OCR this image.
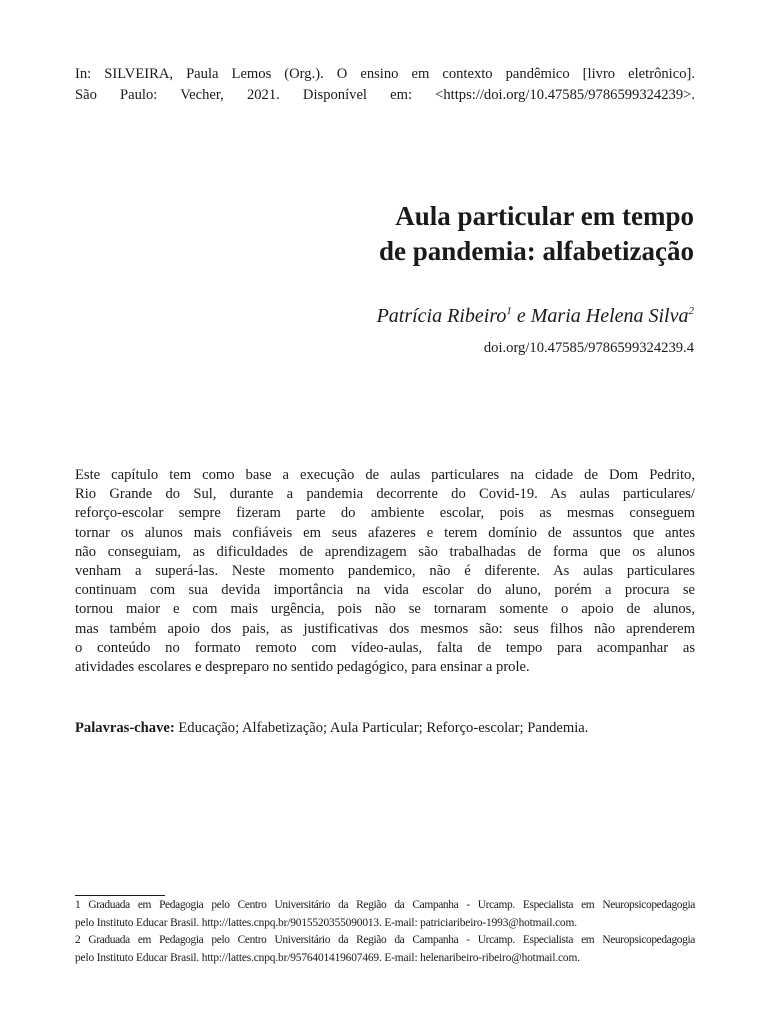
In: SILVEIRA, Paula Lemos (Org.). O ensino em contexto pandêmico [livro eletrônico].
São Paulo: Vecher, 2021. Disponível em: <https://doi.org/10.47585/9786599324239>.
Aula particular em tempo
de pandemia: alfabetização
Patrícia Ribeiro$^1$ e Maria Helena Silva$^2$
doi.org/10.47585/9786599324239.4
Este capítulo tem como base a execução de aulas particulares na cidade de Dom Pedrito,
Rio Grande do Sul, durante a pandemia decorrente do Covid-19. As aulas particulares/
reforço-escolar sempre fizeram parte do ambiente escolar, pois as mesmas conseguem
tornar os alunos mais confiáveis em seus afazeres e terem domínio de assuntos que antes
não conseguiam, as dificuldades de aprendizagem são trabalhadas de forma que os alunos
venham a superá-las. Neste momento pandemico, não é diferente. As aulas particulares
continuam com sua devida importância na vida escolar do aluno, porém a procura se
tornou maior e com mais urgência, pois não se tornaram somente o apoio de alunos,
mas também apoio dos pais, as justificativas dos mesmos são: seus filhos não aprenderem
o conteúdo no formato remoto com vídeo-aulas, falta de tempo para acompanhar as
atividades escolares e despreparo no sentido pedagógico, para ensinar a prole.
Palavras-chave: Educação; Alfabetização; Aula Particular; Reforço-escolar; Pandemia.
1 Graduada em Pedagogia pelo Centro Universitário da Região da Campanha - Urcamp. Especialista em Neuropsicopedagogia
pelo Instituto Educar Brasil. http://lattes.cnpq.br/9015520355090013. E-mail: patriciaribeiro-1993@hotmail.com.
2 Graduada em Pedagogia pelo Centro Universitário da Região da Campanha - Urcamp. Especialista em Neuropsicopedagogia
pelo Instituto Educar Brasil. http://lattes.cnpq.br/9576401419607469. E-mail: helenaribeiro-ribeiro@hotmail.com.
